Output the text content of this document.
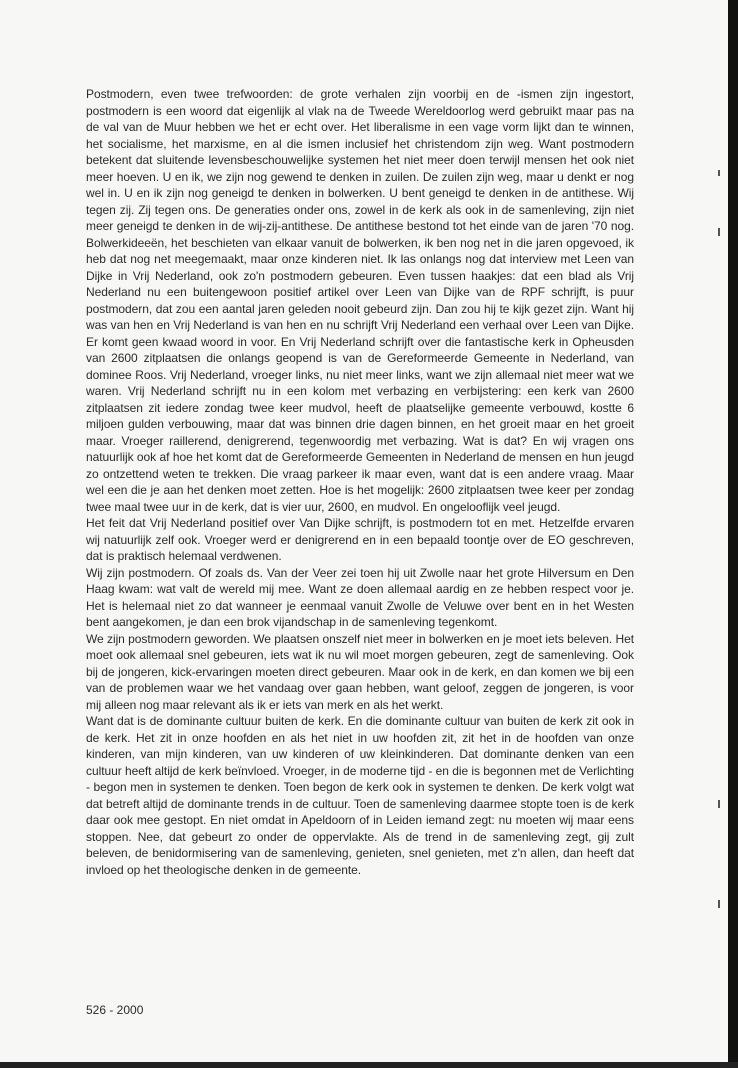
Postmodern, even twee trefwoorden: de grote verhalen zijn voorbij en de -ismen zijn ingestort, postmodern is een woord dat eigenlijk al vlak na de Tweede Wereldoorlog werd gebruikt maar pas na de val van de Muur hebben we het er echt over. Het liberalisme in een vage vorm lijkt dan te winnen, het socialisme, het marxisme, en al die ismen inclusief het christendom zijn weg. Want postmodern betekent dat sluitende levensbeschouwelijke systemen het niet meer doen terwijl mensen het ook niet meer hoeven. U en ik, we zijn nog gewend te denken in zuilen. De zuilen zijn weg, maar u denkt er nog wel in. U en ik zijn nog geneigd te denken in bolwerken. U bent geneigd te denken in de antithese. Wij tegen zij. Zij tegen ons. De generaties onder ons, zowel in de kerk als ook in de samenleving, zijn niet meer geneigd te denken in de wij-zij-antithese. De antithese bestond tot het einde van de jaren '70 nog. Bolwerkideeën, het beschieten van elkaar vanuit de bolwerken, ik ben nog net in die jaren opgevoed, ik heb dat nog net meegemaakt, maar onze kinderen niet. Ik las onlangs nog dat interview met Leen van Dijke in Vrij Nederland, ook zo'n postmodern gebeuren. Even tussen haakjes: dat een blad als Vrij Nederland nu een buitengewoon positief artikel over Leen van Dijke van de RPF schrijft, is puur postmodern, dat zou een aantal jaren geleden nooit gebeurd zijn. Dan zou hij te kijk gezet zijn. Want hij was van hen en Vrij Nederland is van hen en nu schrijft Vrij Nederland een verhaal over Leen van Dijke. Er komt geen kwaad woord in voor. En Vrij Nederland schrijft over die fantastische kerk in Opheusden van 2600 zitplaatsen die onlangs geopend is van de Gereformeerde Gemeente in Nederland, van dominee Roos. Vrij Nederland, vroeger links, nu niet meer links, want we zijn allemaal niet meer wat we waren. Vrij Nederland schrijft nu in een kolom met verbazing en verbijstering: een kerk van 2600 zitplaatsen zit iedere zondag twee keer mudvol, heeft de plaatselijke gemeente verbouwd, kostte 6 miljoen gulden verbouwing, maar dat was binnen drie dagen binnen, en het groeit maar en het groeit maar. Vroeger raillerend, denigrerend, tegenwoordig met verbazing. Wat is dat? En wij vragen ons natuurlijk ook af hoe het komt dat de Gereformeerde Gemeenten in Nederland de mensen en hun jeugd zo ontzettend weten te trekken. Die vraag parkeer ik maar even, want dat is een andere vraag. Maar wel een die je aan het denken moet zetten. Hoe is het mogelijk: 2600 zitplaatsen twee keer per zondag twee maal twee uur in de kerk, dat is vier uur, 2600, en mudvol. En ongelooflijk veel jeugd.

Het feit dat Vrij Nederland positief over Van Dijke schrijft, is postmodern tot en met. Hetzelfde ervaren wij natuurlijk zelf ook. Vroeger werd er denigrerend en in een bepaald toontje over de EO geschreven, dat is praktisch helemaal verdwenen.

Wij zijn postmodern. Of zoals ds. Van der Veer zei toen hij uit Zwolle naar het grote Hilversum en Den Haag kwam: wat valt de wereld mij mee. Want ze doen allemaal aardig en ze hebben respect voor je. Het is helemaal niet zo dat wanneer je eenmaal vanuit Zwolle de Veluwe over bent en in het Westen bent aangekomen, je dan een brok vijandschap in de samenleving tegenkomt.

We zijn postmodern geworden. We plaatsen onszelf niet meer in bolwerken en je moet iets beleven. Het moet ook allemaal snel gebeuren, iets wat ik nu wil moet morgen gebeuren, zegt de samenleving. Ook bij de jongeren, kick-ervaringen moeten direct gebeuren. Maar ook in de kerk, en dan komen we bij een van de problemen waar we het vandaag over gaan hebben, want geloof, zeggen de jongeren, is voor mij alleen nog maar relevant als ik er iets van merk en als het werkt.

Want dat is de dominante cultuur buiten de kerk. En die dominante cultuur van buiten de kerk zit ook in de kerk. Het zit in onze hoofden en als het niet in uw hoofden zit, zit het in de hoofden van onze kinderen, van mijn kinderen, van uw kinderen of uw kleinkinderen. Dat dominante denken van een cultuur heeft altijd de kerk beïnvloed. Vroeger, in de moderne tijd - en die is begonnen met de Verlichting - begon men in systemen te denken. Toen begon de kerk ook in systemen te denken. De kerk volgt wat dat betreft altijd de dominante trends in de cultuur. Toen de samenleving daarmee stopte toen is de kerk daar ook mee gestopt. En niet omdat in Apeldoorn of in Leiden iemand zegt: nu moeten wij maar eens stoppen. Nee, dat gebeurt zo onder de oppervlakte. Als de trend in de samenleving zegt, gij zult beleven, de benidormisering van de samenleving, genieten, snel genieten, met z'n allen, dan heeft dat invloed op het theologische denken in de gemeente.

526 - 2000
